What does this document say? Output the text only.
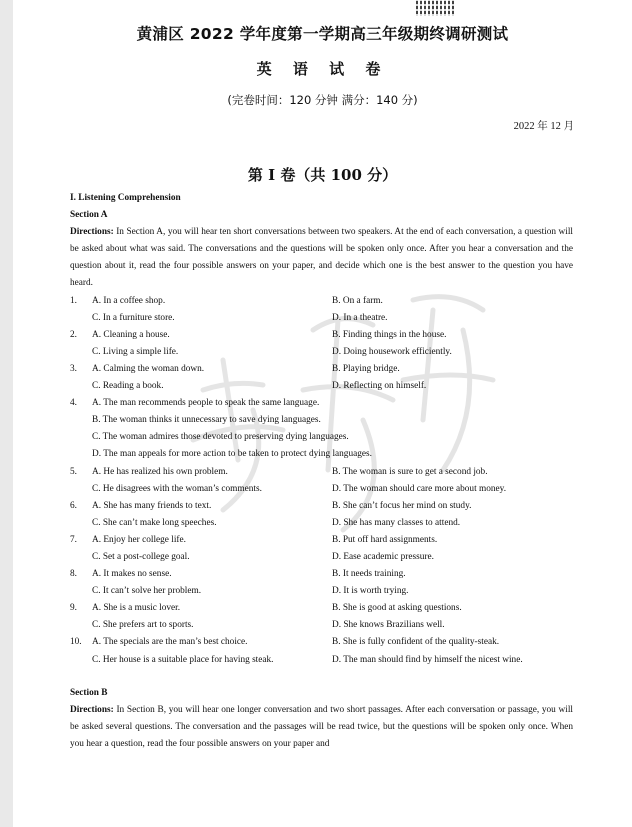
黄浦区 2022 学年度第一学期高三年级期终调研测试
英 语 试 卷
(完卷时间：120 分钟 满分：140 分)
2022 年 12 月
第 I 卷（共 100 分）
I. Listening Comprehension
Section A
Directions: In Section A, you will hear ten short conversations between two speakers. At the end of each conversation, a question will be asked about what was said. The conversations and the questions will be spoken only once. After you hear a conversation and the question about it, read the four possible answers on your paper, and decide which one is the best answer to the question you have heard.
1.	A. In a coffee shop.	B. On a farm.
C. In a furniture store.	D. In a theatre.
2.	A. Cleaning a house.	B. Finding things in the house.
C. Living a simple life.	D. Doing housework efficiently.
3.	A. Calming the woman down.	B. Playing bridge.
C. Reading a book.	D. Reflecting on himself.
4.	A. The man recommends people to speak the same language.
B. The woman thinks it unnecessary to save dying languages.
C. The woman admires those devoted to preserving dying languages.
D. The man appeals for more action to be taken to protect dying languages.
5.	A. He has realized his own problem.	B. The woman is sure to get a second job.
C. He disagrees with the woman’s comments.	D. The woman should care more about money.
6.	A. She has many friends to text.	B. She can’t focus her mind on study.
C. She can’t make long speeches.	D. She has many classes to attend.
7.	A. Enjoy her college life.	B. Put off hard assignments.
C. Set a post-college goal.	D. Ease academic pressure.
8.	A. It makes no sense.	B. It needs training.
C. It can’t solve her problem.	D. It is worth trying.
9.	A. She is a music lover.	B. She is good at asking questions.
C. She prefers art to sports.	D. She knows Brazilians well.
10.	A. The specials are the man’s best choice.	B. She is fully confident of the quality-steak.
C. Her house is a suitable place for having steak.	D. The man should find by himself the nicest wine.
Section B
Directions: In Section B, you will hear one longer conversation and two short passages. After each conversation or passage, you will be asked several questions. The conversation and the passages will be read twice, but the questions will be spoken only once. When you hear a question, read the four possible answers on your paper and
